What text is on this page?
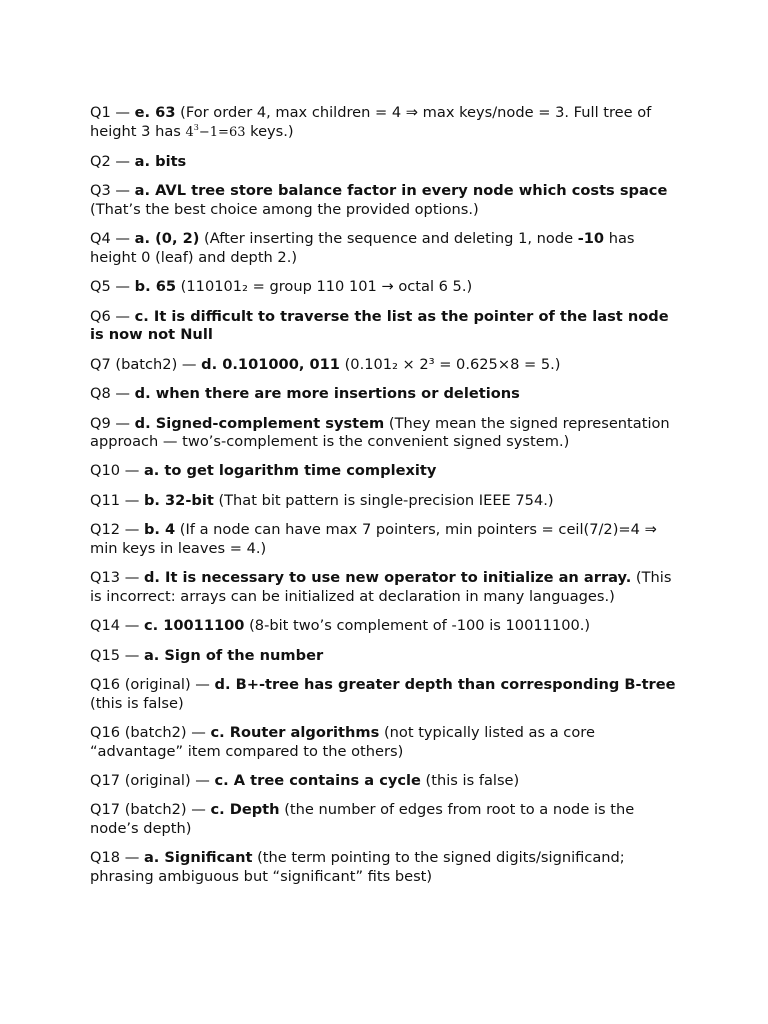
Q1 — e. 63 (For order 4, max children = 4 ⇒ max keys/node = 3. Full tree of height 3 has $4^3-1=63$ keys.)

Q2 — a. bits

Q3 — a. AVL tree store balance factor in every node which costs space (That’s the best choice among the provided options.)

Q4 — a. (0, 2) (After inserting the sequence and deleting 1, node -10 has height 0 (leaf) and depth 2.)

Q5 — b. 65 (110101₂ = group 110 101 → octal 6 5.)

Q6 — c. It is difficult to traverse the list as the pointer of the last node is now not Null

Q7 (batch2) — d. 0.101000, 011 (0.101₂ × 2³ = 0.625×8 = 5.)

Q8 — d. when there are more insertions or deletions

Q9 — d. Signed-complement system (They mean the signed representation approach — two’s-complement is the convenient signed system.)

Q10 — a. to get logarithm time complexity

Q11 — b. 32-bit (That bit pattern is single-precision IEEE 754.)

Q12 — b. 4 (If a node can have max 7 pointers, min pointers = ceil(7/2)=4 ⇒ min keys in leaves = 4.)

Q13 — d. It is necessary to use new operator to initialize an array. (This is incorrect: arrays can be initialized at declaration in many languages.)

Q14 — c. 10011100 (8-bit two’s complement of -100 is 10011100.)

Q15 — a. Sign of the number

Q16 (original) — d. B+-tree has greater depth than corresponding B-tree (this is false)

Q16 (batch2) — c. Router algorithms (not typically listed as a core “advantage” item compared to the others)

Q17 (original) — c. A tree contains a cycle (this is false)

Q17 (batch2) — c. Depth (the number of edges from root to a node is the node’s depth)

Q18 — a. Significant (the term pointing to the signed digits/significand; phrasing ambiguous but “significant” fits best)
